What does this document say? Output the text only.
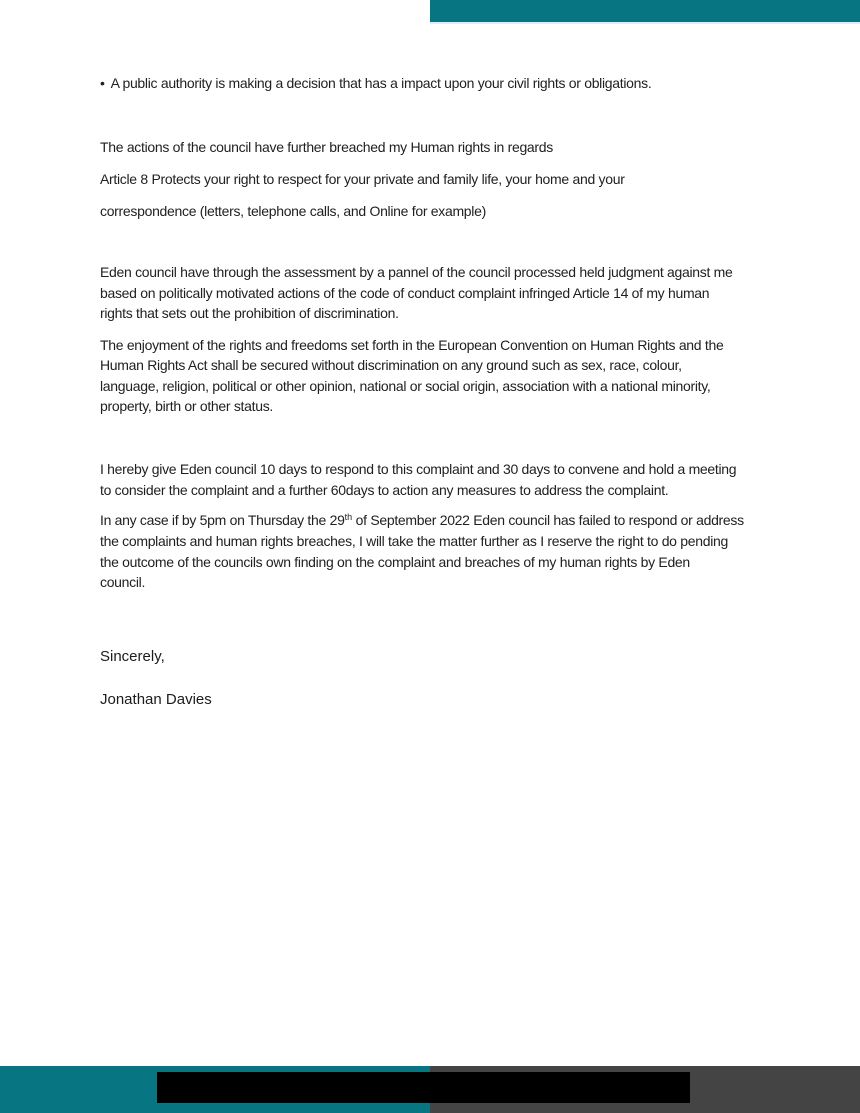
• A public authority is making a decision that has a impact upon your civil rights or obligations.
The actions of the council have further breached my Human rights in regards
Article 8 Protects your right to respect for your private and family life, your home and your
correspondence (letters, telephone calls, and Online for example)
Eden council have through the assessment by a pannel of the council processed held judgment against me
based on politically motivated actions of the code of conduct complaint infringed Article 14 of my human
rights that sets out the prohibition of discrimination.
The enjoyment of the rights and freedoms set forth in the European Convention on Human Rights and the
Human Rights Act shall be secured without discrimination on any ground such as sex, race, colour,
language, religion, political or other opinion, national or social origin, association with a national minority,
property, birth or other status.
I hereby give Eden council 10 days to respond to this complaint and 30 days to convene and hold a meeting
to consider the complaint and a further 60days to action any measures to address the complaint.
In any case if by 5pm on Thursday the 29th of September 2022 Eden council has failed to respond or address
the complaints and human rights breaches, I will take the matter further as I reserve the right to do pending
the outcome of the councils own finding on the complaint and breaches of my human rights by Eden
council.
Sincerely,
Jonathan Davies
